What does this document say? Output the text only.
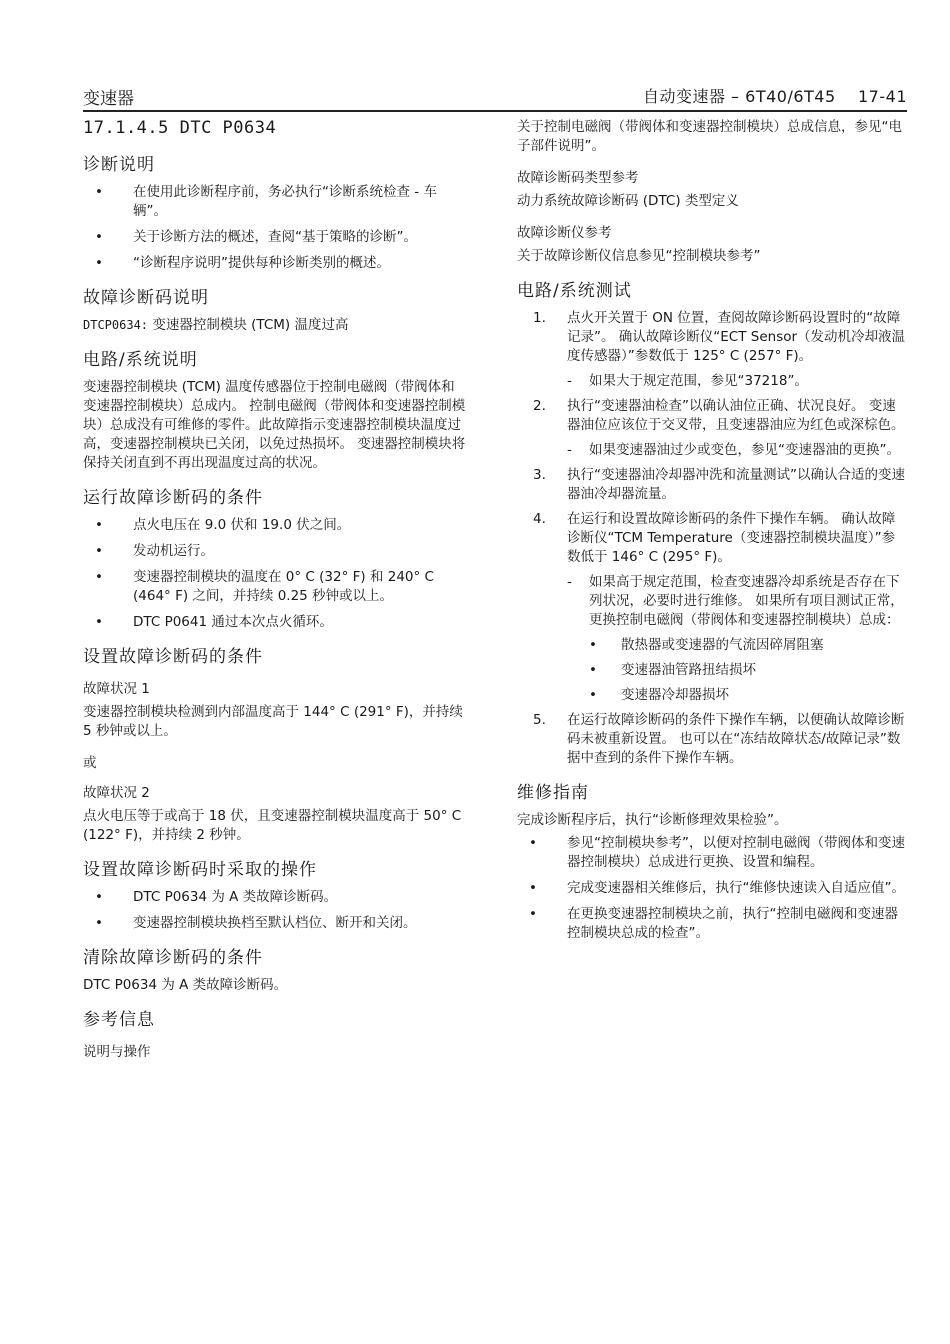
变速器	自动变速器 – 6T40/6T45    17-41
17.1.4.5 DTC P0634
诊断说明
• 在使用此诊断程序前，务必执行“诊断系统检查 - 车辆”。
• 关于诊断方法的概述，查阅“基于策略的诊断”。
• “诊断程序说明”提供每种诊断类别的概述。
故障诊断码说明
DTCP0634: 变速器控制模块 (TCM) 温度过高
电路/系统说明
变速器控制模块 (TCM) 温度传感器位于控制电磁阀（带阀体和变速器控制模块）总成内。 控制电磁阀（带阀体和变速器控制模块）总成没有可维修的零件。此故障指示变速器控制模块温度过高，变速器控制模块已关闭，以免过热损坏。 变速器控制模块将保持关闭直到不再出现温度过高的状况。
运行故障诊断码的条件
• 点火电压在 9.0 伏和 19.0 伏之间。
• 发动机运行。
• 变速器控制模块的温度在 0° C (32° F) 和 240° C (464° F) 之间，并持续 0.25 秒钟或以上。
• DTC P0641 通过本次点火循环。
设置故障诊断码的条件
故障状况 1
变速器控制模块检测到内部温度高于 144° C (291° F)，并持续 5 秒钟或以上。
或
故障状况 2
点火电压等于或高于 18 伏，且变速器控制模块温度高于 50° C (122° F)，并持续 2 秒钟。
设置故障诊断码时采取的操作
• DTC P0634 为 A 类故障诊断码。
• 变速器控制模块换档至默认档位、断开和关闭。
清除故障诊断码的条件
DTC P0634 为 A 类故障诊断码。
参考信息
说明与操作
关于控制电磁阀（带阀体和变速器控制模块）总成信息，参见“电子部件说明”。
故障诊断码类型参考
动力系统故障诊断码 (DTC) 类型定义
故障诊断仪参考
关于故障诊断仪信息参见“控制模块参考”
电路/系统测试
1. 点火开关置于 ON 位置，查阅故障诊断码设置时的“故障记录”。 确认故障诊断仪“ECT Sensor（发动机冷却液温度传感器）”参数低于 125° C (257° F)。
- 如果大于规定范围，参见“37218”。
2. 执行“变速器油检查”以确认油位正确、状况良好。 变速器油位应该位于交叉带，且变速器油应为红色或深棕色。
- 如果变速器油过少或变色，参见“变速器油的更换”。
3. 执行“变速器油冷却器冲洗和流量测试”以确认合适的变速器油冷却器流量。
4. 在运行和设置故障诊断码的条件下操作车辆。 确认故障诊断仪“TCM Temperature（变速器控制模块温度）”参数低于 146° C (295° F)。
- 如果高于规定范围，检查变速器冷却系统是否存在下列状况，必要时进行维修。 如果所有项目测试正常，更换控制电磁阀（带阀体和变速器控制模块）总成：
• 散热器或变速器的气流因碎屑阻塞
• 变速器油管路扭结损坏
• 变速器冷却器损坏
5. 在运行故障诊断码的条件下操作车辆，以便确认故障诊断码未被重新设置。 也可以在“冻结故障状态/故障记录”数据中查到的条件下操作车辆。
维修指南
完成诊断程序后，执行“诊断修理效果检验”。
• 参见“控制模块参考”，以便对控制电磁阀（带阀体和变速器控制模块）总成进行更换、设置和编程。
• 完成变速器相关维修后，执行“维修快速读入自适应值”。
• 在更换变速器控制模块之前，执行“控制电磁阀和变速器控制模块总成的检查”。
